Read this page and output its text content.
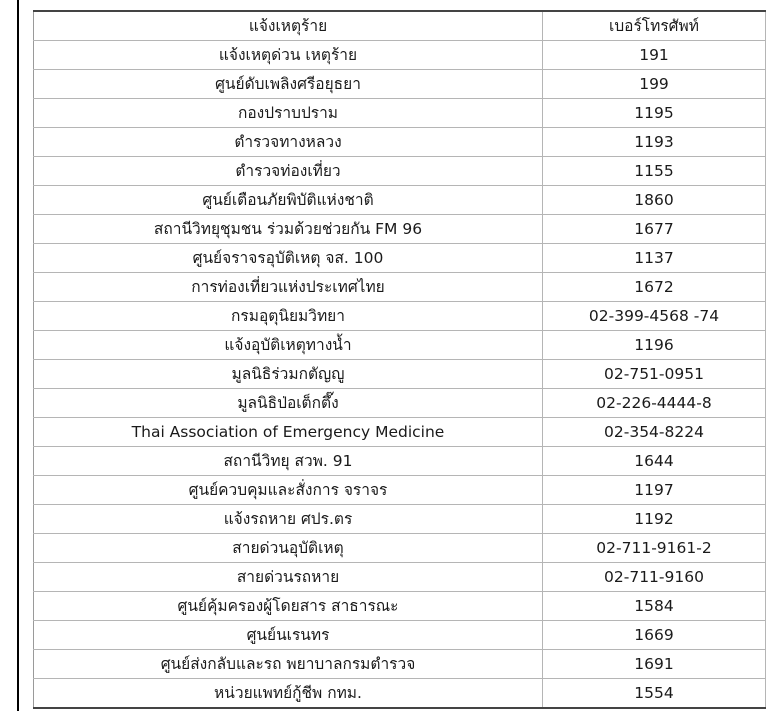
แจ้งเหตุร้าย	เบอร์โทรศัพท์
แจ้งเหตุด่วน เหตุร้าย	191
ศูนย์ดับเพลิงศรีอยุธยา	199
กองปราบปราม	1195
ตำรวจทางหลวง	1193
ตำรวจท่องเที่ยว	1155
ศูนย์เตือนภัยพิบัติแห่งชาติ	1860
สถานีวิทยุชุมชน ร่วมด้วยช่วยกัน FM 96	1677
ศูนย์จราจรอุบัติเหตุ จส. 100	1137
การท่องเที่ยวแห่งประเทศไทย	1672
กรมอุตุนิยมวิทยา	02-399-4568 -74
แจ้งอุบัติเหตุทางน้ำ	1196
มูลนิธิร่วมกตัญญู	02-751-0951
มูลนิธิป่อเต็กตึ๊ง	02-226-4444-8
Thai Association of Emergency Medicine	02-354-8224
สถานีวิทยุ สวพ. 91	1644
ศูนย์ควบคุมและสั่งการ จราจร	1197
แจ้งรถหาย ศปร.ตร	1192
สายด่วนอุบัติเหตุ	02-711-9161-2
สายด่วนรถหาย	02-711-9160
ศูนย์คุ้มครองผู้โดยสาร สาธารณะ	1584
ศูนย์นเรนทร	1669
ศูนย์ส่งกลับและรถ พยาบาลกรมตำรวจ	1691
หน่วยแพทย์กู้ชีพ กทม.	1554
